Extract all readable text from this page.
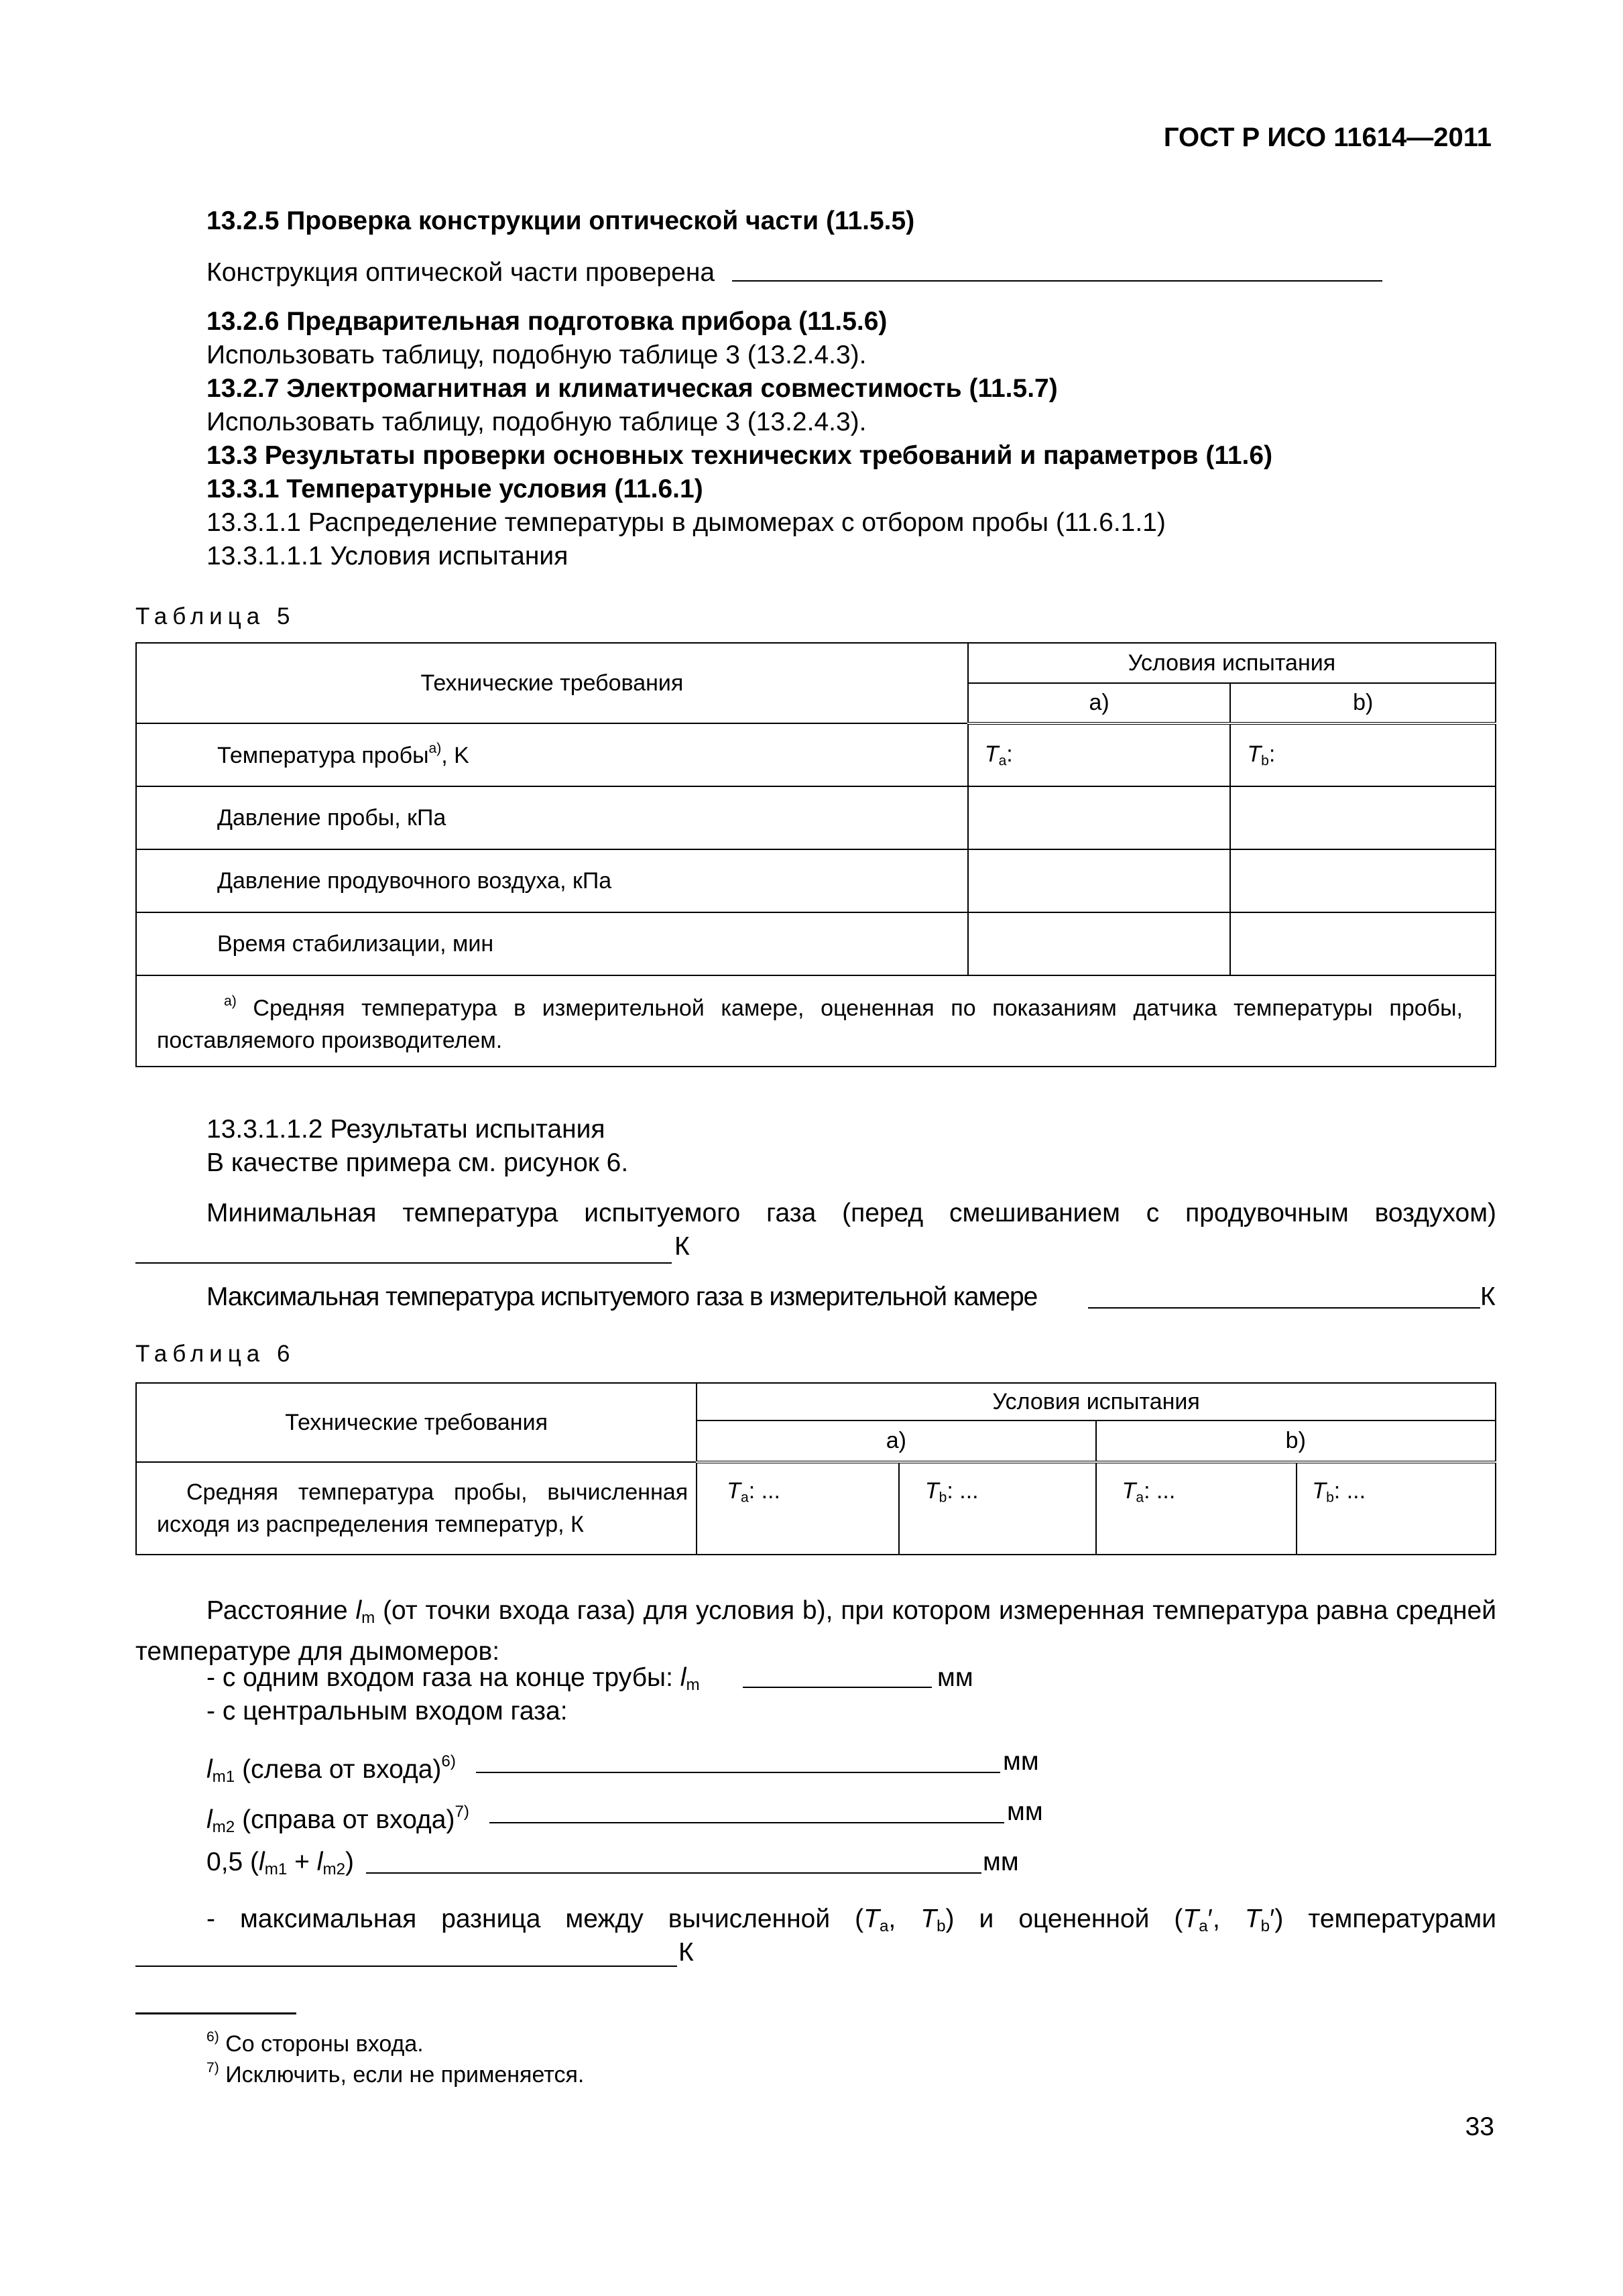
ГОСТ Р ИСО 11614—2011
13.2.5 Проверка конструкции оптической части (11.5.5)
Конструкция оптической части проверена
13.2.6 Предварительная подготовка прибора (11.5.6)
Использовать таблицу, подобную таблице 3 (13.2.4.3).
13.2.7 Электромагнитная и климатическая совместимость (11.5.7)
Использовать таблицу, подобную таблице 3 (13.2.4.3).
13.3 Результаты проверки основных технических требований и параметров (11.6)
13.3.1 Температурные условия (11.6.1)
13.3.1.1 Распределение температуры в дымомерах с отбором пробы (11.6.1.1)
13.3.1.1.1 Условия испытания
Таблица 5
Технические требования	Условия испытания	
	a)	b)
Температура пробы$^{a)}$, K	$T_a$:	$T_b$:
Давление пробы, кПа		
Давление продувочного воздуха, кПа		
Время стабилизации, мин		
$^{a)}$ Средняя температура в измерительной камере, оцененная по показаниям датчика температуры пробы, поставляемого производителем.		
13.3.1.1.2 Результаты испытания
В качестве примера см. рисунок 6.
Минимальная температура испытуемого газа (перед смешиванием с продувочным воздухом)
К
Максимальная температура испытуемого газа в измерительной камере	К
Таблица 6
Технические требования	Условия испытания			
	a)		b)	
Средняя температура пробы, вычисленная исходя из распределения температур, К	$T_a$: ...	$T_b$: ...	$T_a$: ...	$T_b$: ...
Расстояние $l_m$ (от точки входа газа) для условия b), при котором измеренная температура равна средней температуре для дымомеров:
- с одним входом газа на конце трубы: $l_m$	мм
- с центральным входом газа:
$l_{m1}$ (слева от входа)$^{6)}$	мм
$l_{m2}$ (справа от входа)$^{7)}$	мм
0,5 $(l_{m1} + l_{m2})$	мм
- максимальная разница между вычисленной ($T_a$, $T_b$) и оцененной ($T_a'$, $T_b'$) температурами
К
$^{6)}$ Со стороны входа.
$^{7)}$ Исключить, если не применяется.
33
